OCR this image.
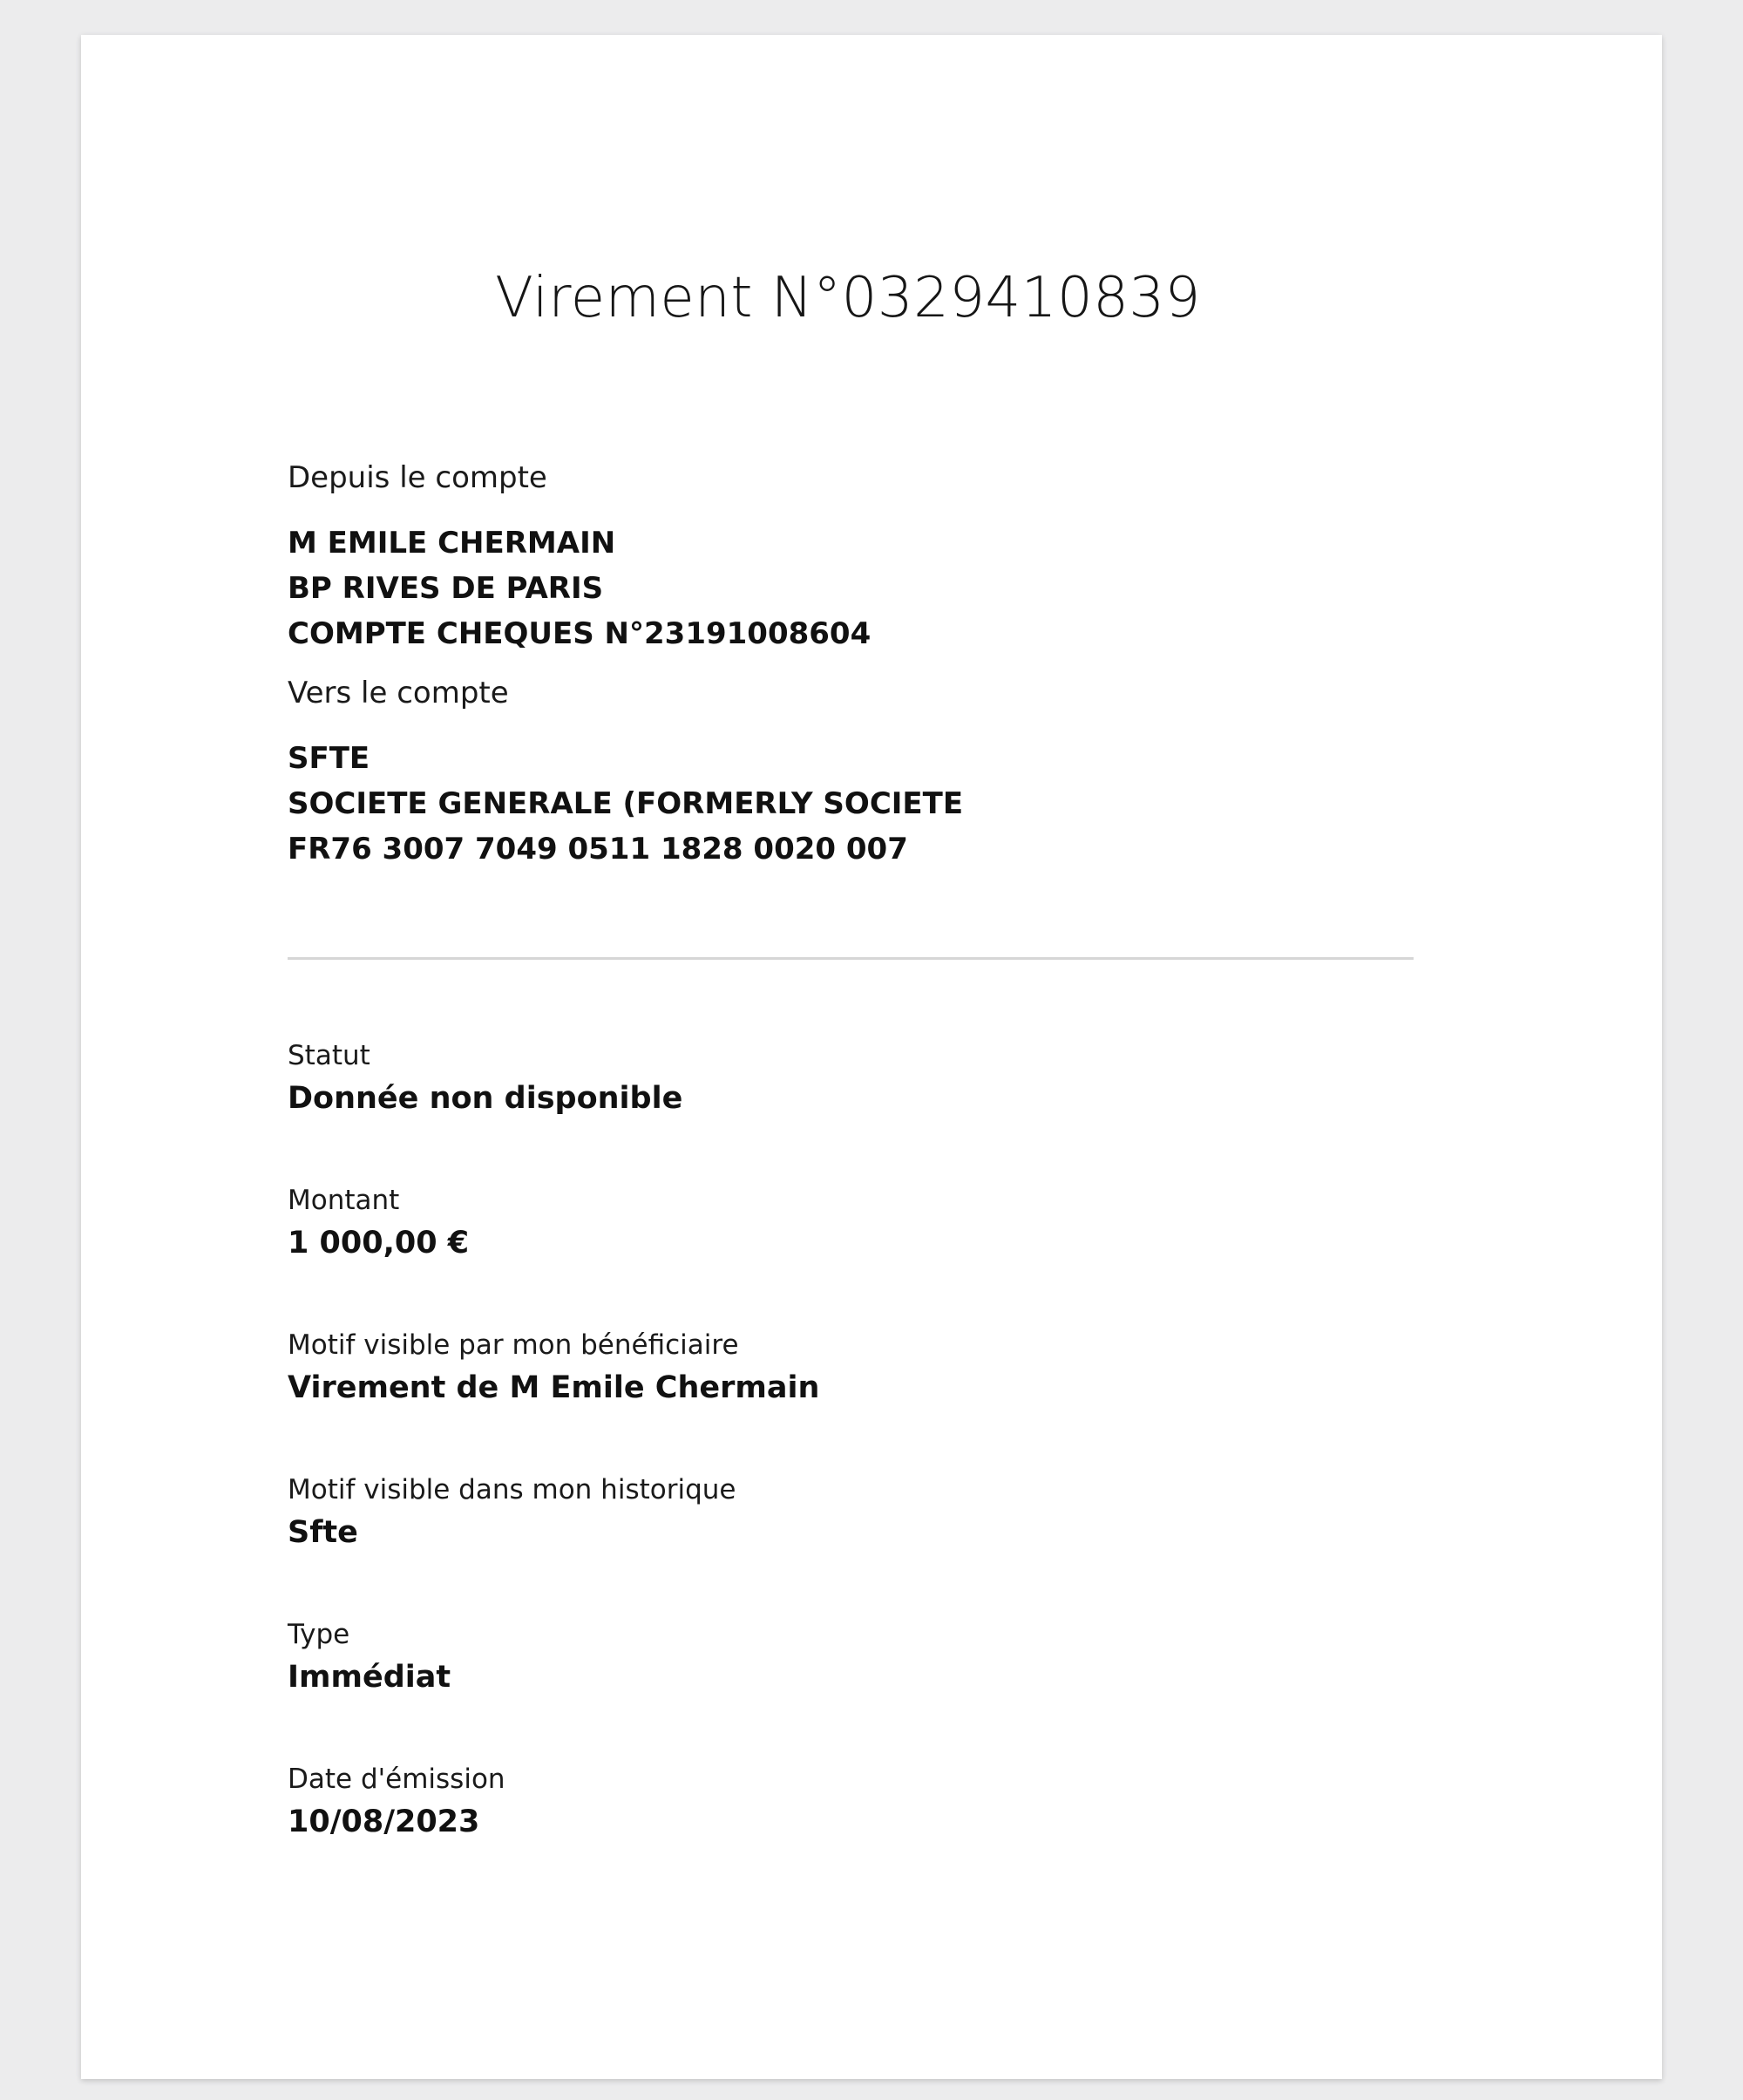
Virement N°0329410839

Depuis le compte

M EMILE CHERMAIN
BP RIVES DE PARIS
COMPTE CHEQUES N°23191008604

Vers le compte

SFTE
SOCIETE GENERALE (FORMERLY SOCIETE
FR76 3007 7049 0511 1828 0020 007
Statut
Donnée non disponible
Montant
1 000,00 €
Motif visible par mon bénéficiaire
Virement de M Emile Chermain
Motif visible dans mon historique
Sfte
Type
Immédiat
Date d'émission
10/08/2023
